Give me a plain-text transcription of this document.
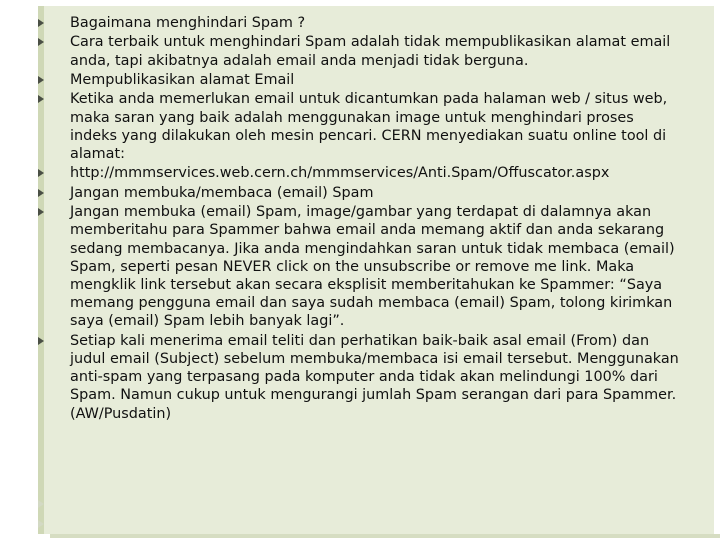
Bagaimana menghindari Spam ?
Cara terbaik untuk menghindari Spam adalah tidak mempublikasikan alamat email anda, tapi akibatnya adalah email anda menjadi tidak berguna.
Mempublikasikan alamat Email
Ketika anda memerlukan email untuk dicantumkan pada halaman web / situs web, maka saran yang baik adalah menggunakan image untuk menghindari proses indeks yang dilakukan oleh mesin pencari. CERN menyediakan suatu online tool di alamat:
http://mmmservices.web.cern.ch/mmmservices/Anti.Spam/Offuscator.aspx
Jangan membuka/membaca (email) Spam
Jangan membuka (email) Spam, image/gambar yang terdapat di dalamnya akan memberitahu para Spammer bahwa email anda memang aktif dan anda sekarang sedang membacanya. Jika anda mengindahkan saran untuk tidak membaca (email) Spam, seperti pesan NEVER click on the unsubscribe or remove me link. Maka mengklik link tersebut akan secara eksplisit memberitahukan ke Spammer: “Saya memang pengguna email dan saya sudah membaca (email) Spam, tolong kirimkan saya (email) Spam lebih banyak lagi”.
Setiap kali menerima email teliti dan perhatikan baik-baik asal email (From) dan judul email (Subject) sebelum membuka/membaca isi email tersebut. Menggunakan anti-spam yang terpasang pada komputer anda tidak akan melindungi 100% dari Spam. Namun cukup untuk mengurangi jumlah Spam serangan dari para Spammer. (AW/Pusdatin)
